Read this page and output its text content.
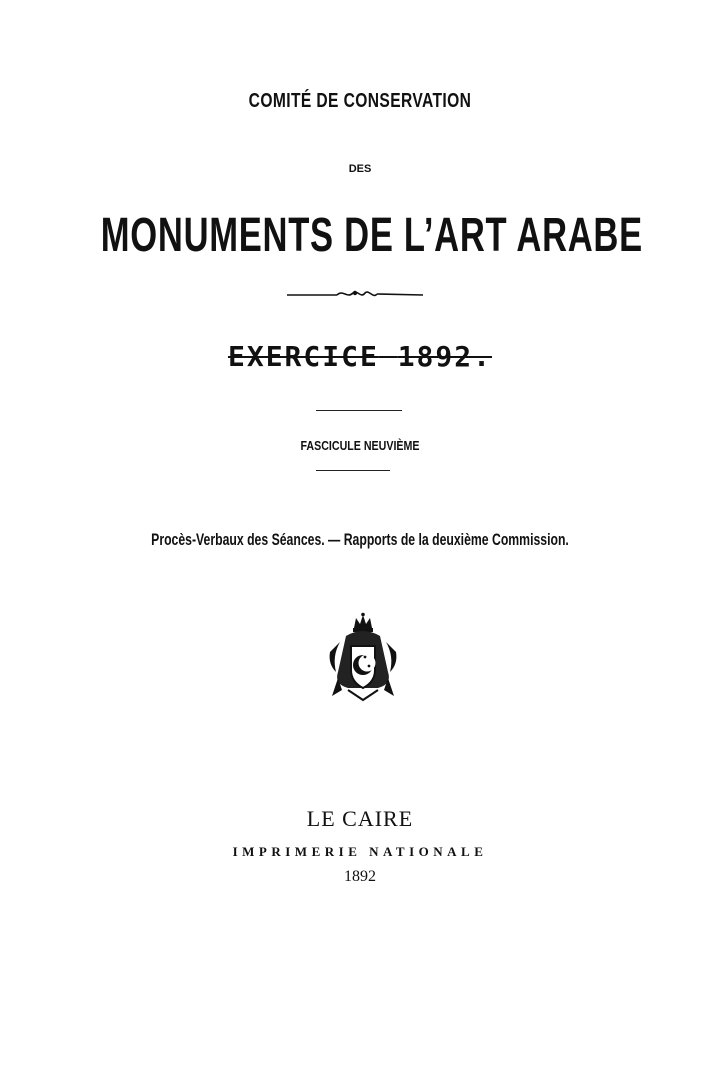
COMITÉ DE CONSERVATION
DES
MONUMENTS DE L’ART ARABE
EXERCICE 1892.
FASCICULE NEUVIÈME
Procès-Verbaux des Séances. — Rapports de la deuxième Commission.
LE CAIRE
IMPRIMERIE NATIONALE
1892
